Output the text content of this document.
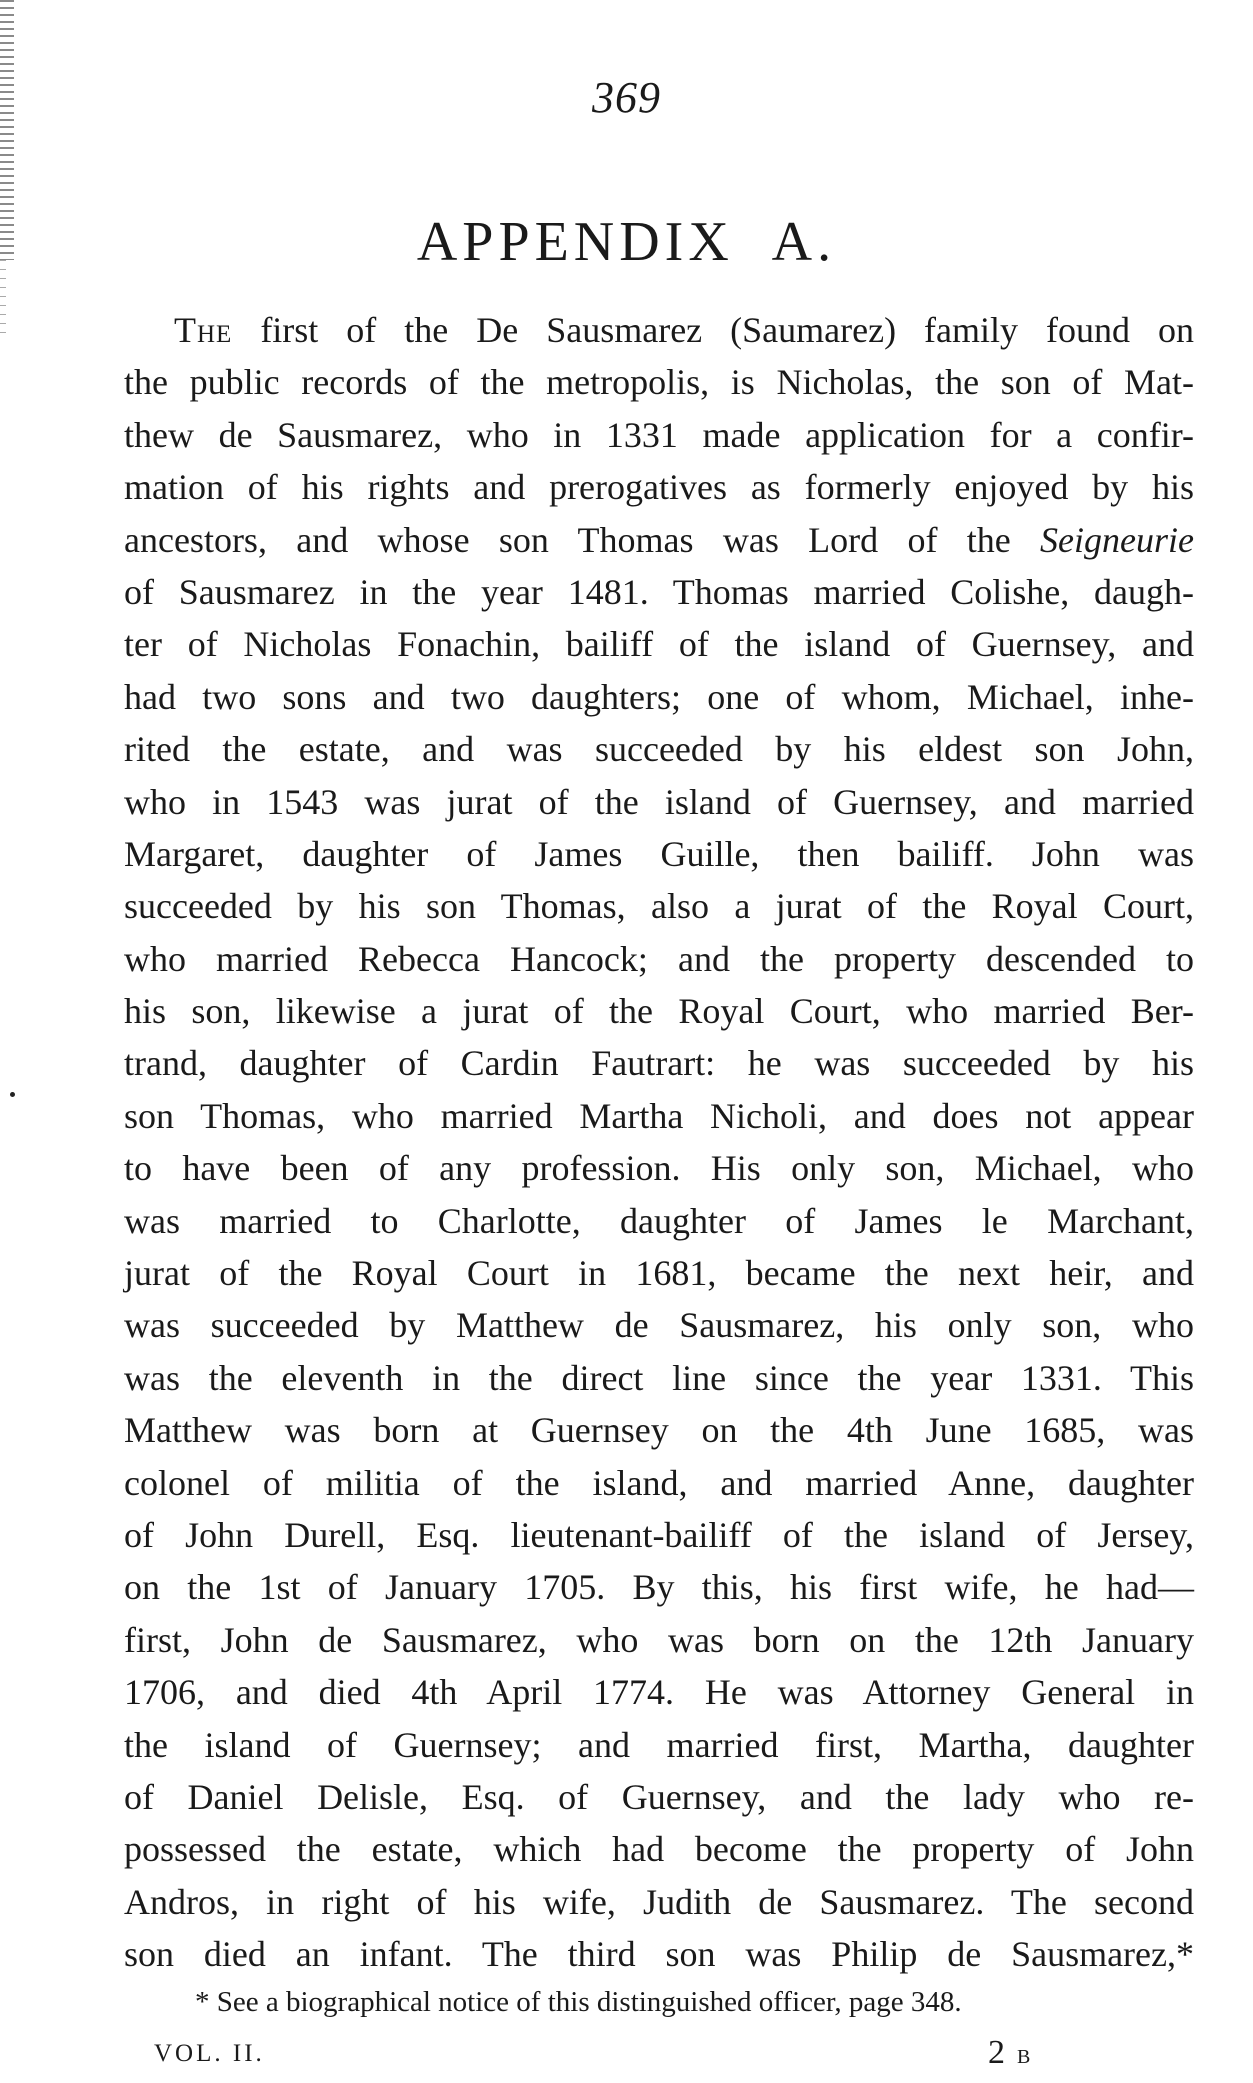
369
APPENDIX A.
The first of the De Sausmarez (Saumarez) family found on
the public records of the metropolis, is Nicholas, the son of Mat-
thew de Sausmarez, who in 1331 made application for a confir-
mation of his rights and prerogatives as formerly enjoyed by his
ancestors, and whose son Thomas was Lord of the Seigneurie
of Sausmarez in the year 1481. Thomas married Colishe, daugh-
ter of Nicholas Fonachin, bailiff of the island of Guernsey, and
had two sons and two daughters; one of whom, Michael, inhe-
rited the estate, and was succeeded by his eldest son John,
who in 1543 was jurat of the island of Guernsey, and married
Margaret, daughter of James Guille, then bailiff. John was
succeeded by his son Thomas, also a jurat of the Royal Court,
who married Rebecca Hancock; and the property descended to
his son, likewise a jurat of the Royal Court, who married Ber-
trand, daughter of Cardin Fautrart: he was succeeded by his
son Thomas, who married Martha Nicholi, and does not appear
to have been of any profession. His only son, Michael, who
was married to Charlotte, daughter of James le Marchant,
jurat of the Royal Court in 1681, became the next heir, and
was succeeded by Matthew de Sausmarez, his only son, who
was the eleventh in the direct line since the year 1331. This
Matthew was born at Guernsey on the 4th June 1685, was
colonel of militia of the island, and married Anne, daughter
of John Durell, Esq. lieutenant-bailiff of the island of Jersey,
on the 1st of January 1705. By this, his first wife, he had—
first, John de Sausmarez, who was born on the 12th January
1706, and died 4th April 1774. He was Attorney General in
the island of Guernsey; and married first, Martha, daughter
of Daniel Delisle, Esq. of Guernsey, and the lady who re-
possessed the estate, which had become the property of John
Andros, in right of his wife, Judith de Sausmarez. The second
son died an infant. The third son was Philip de Sausmarez,*
* See a biographical notice of this distinguished officer, page 348.
VOL. II.	2 B
